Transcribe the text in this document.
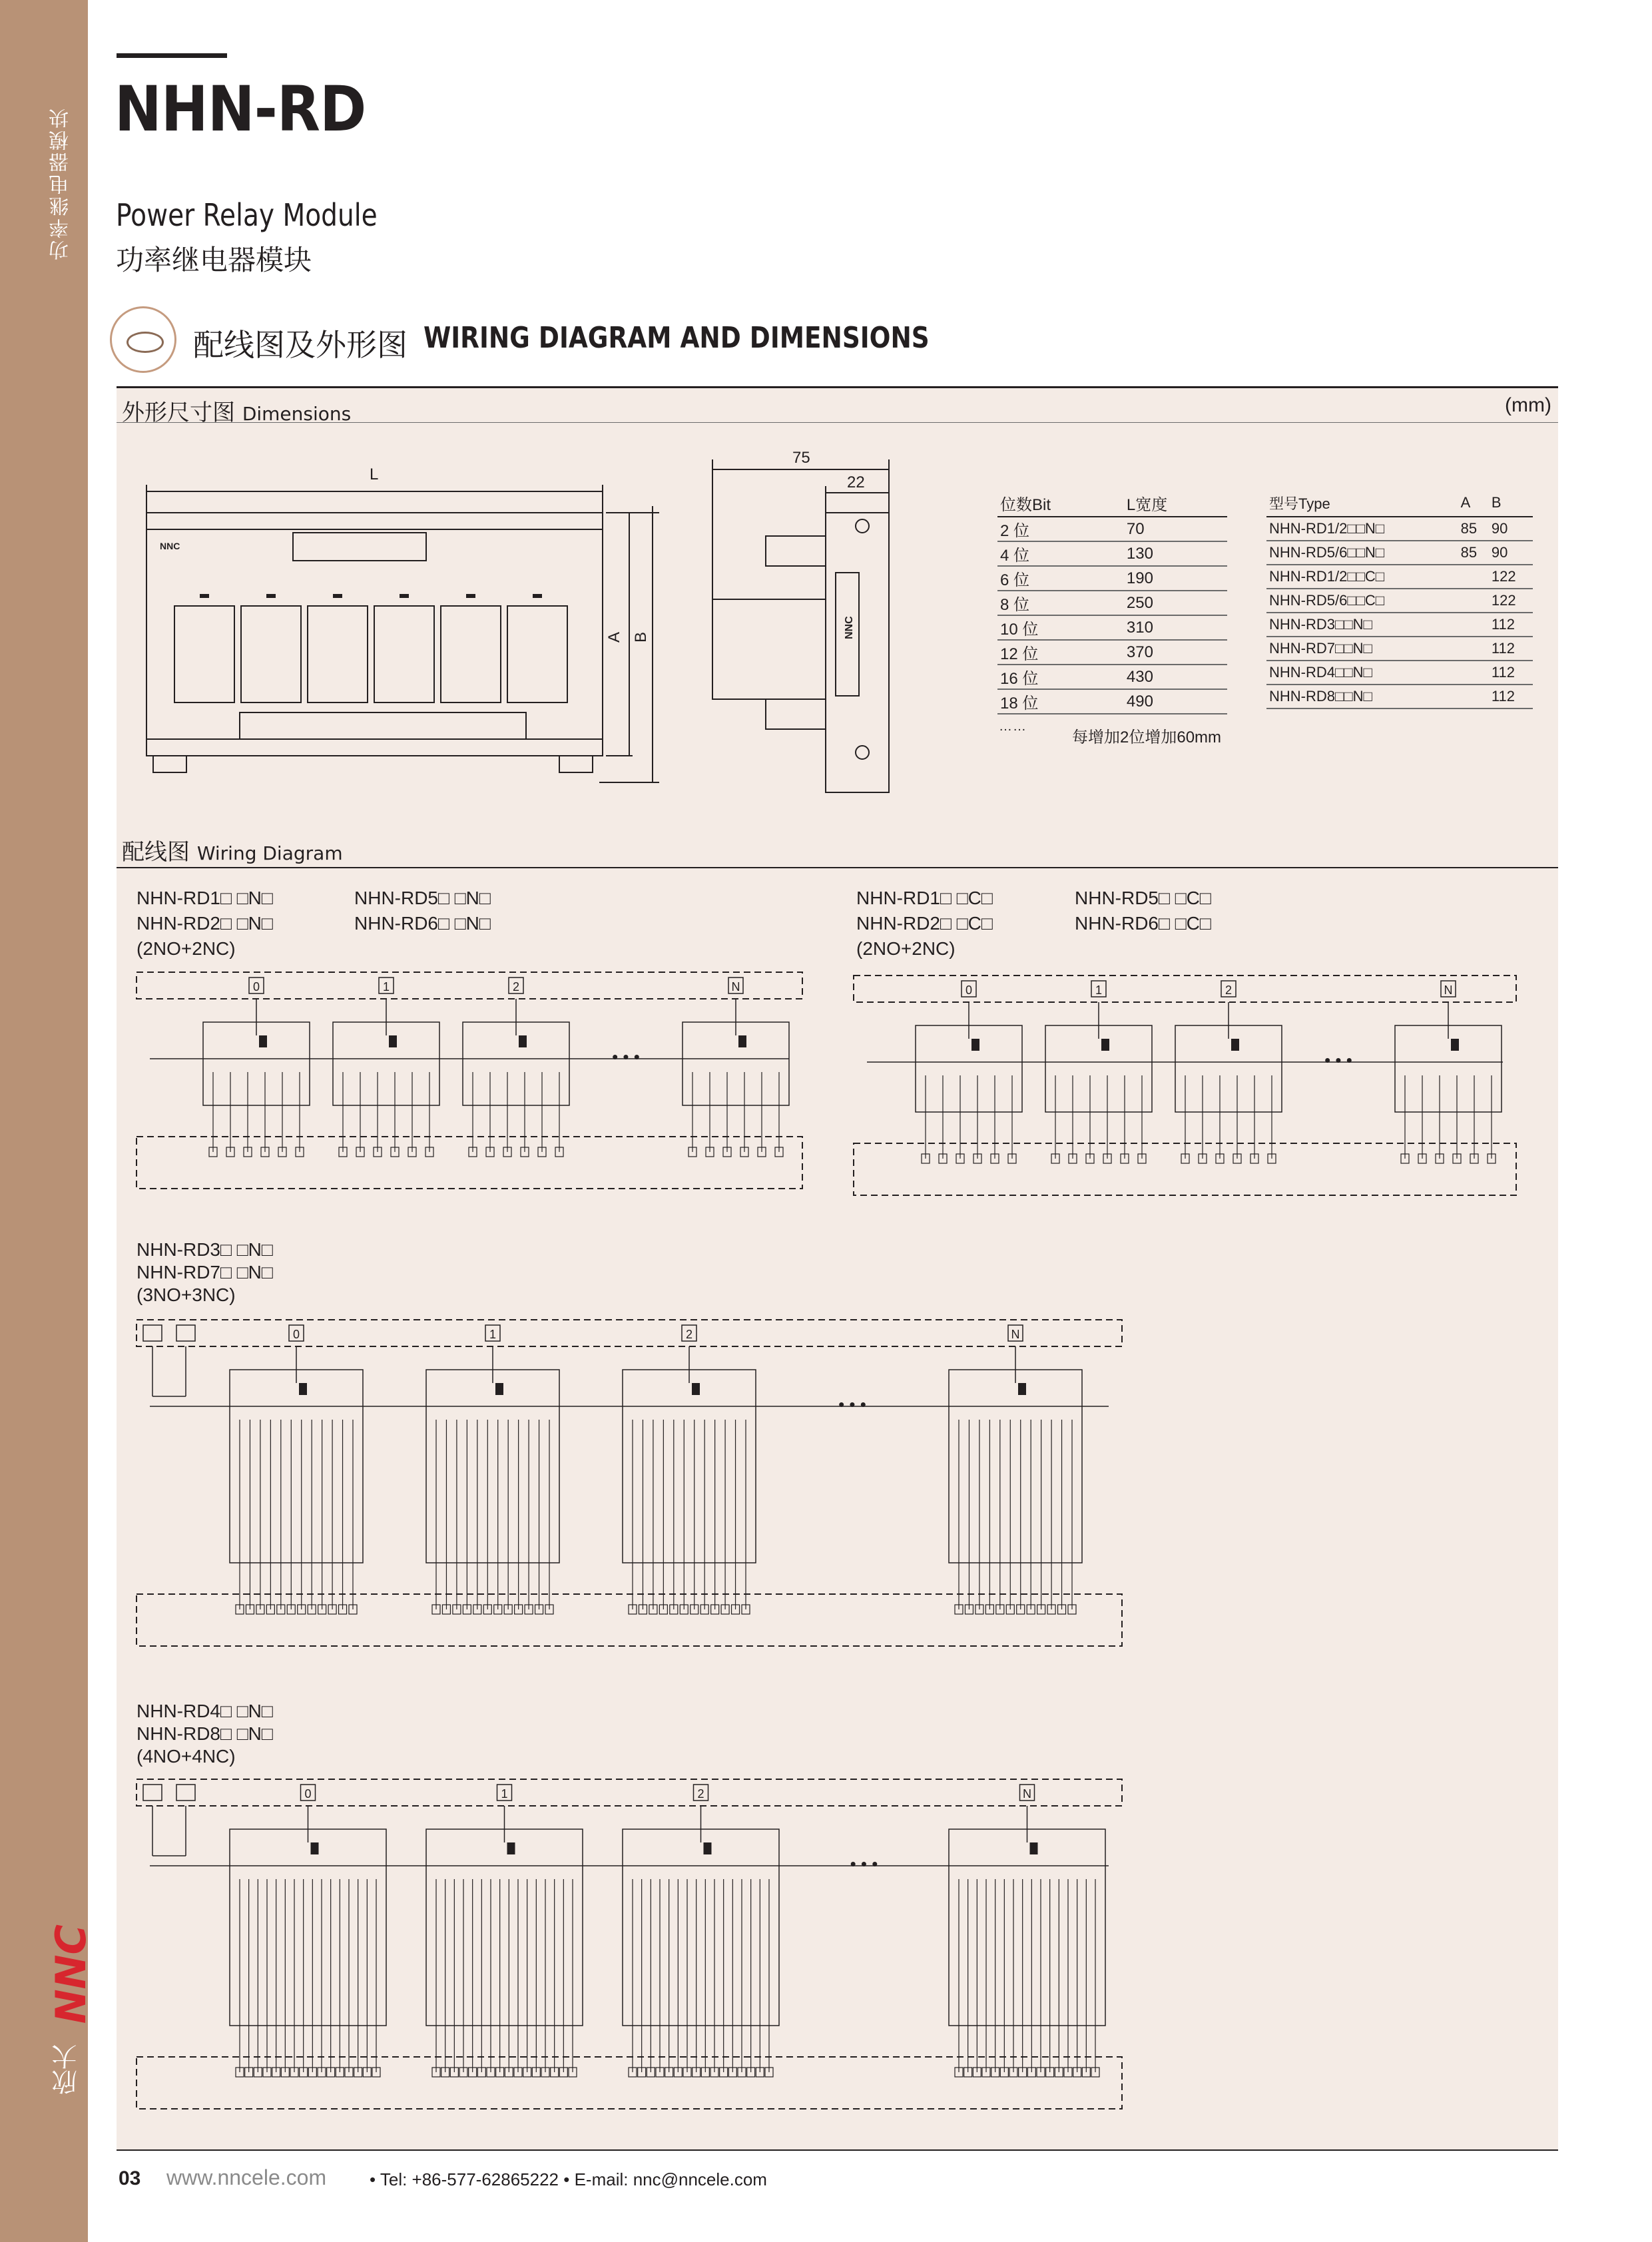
功率继电器模块
欣大
NNC
NHN-RD
Power Relay Module
功率继电器模块
配线图及外形图 WIRING DIAGRAM AND DIMENSIONS
外形尺寸图 Dimensions	(mm)
L
NNC
A B
75
22
NNC
位数Bit	L宽度
2 位	70
4 位	130
6 位	190
8 位	250
10 位	310
12 位	370
16 位	430
18 位	490
……
每增加2位增加60mm
型号Type	A	B
NHN-RD1/2□□N□	85	90
NHN-RD5/6□□N□	85	90
NHN-RD1/2□□C□		122
NHN-RD5/6□□C□		122
NHN-RD3□□N□		112
NHN-RD7□□N□		112
NHN-RD4□□N□		112
NHN-RD8□□N□		112
配线图 Wiring Diagram
NHN-RD1□ □N□
NHN-RD2□ □N□
(2NO+2NC)
NHN-RD5□ □N□
NHN-RD6□ □N□
NHN-RD1□ □C□
NHN-RD2□ □C□
(2NO+2NC)
NHN-RD5□ □C□
NHN-RD6□ □C□
NHN-RD3□ □N□
NHN-RD7□ □N□
(3NO+3NC)
NHN-RD4□ □N□
NHN-RD8□ □N□
(4NO+4NC)
0	1	2	N
• • •
0	1	2	N
• • •
0	1	2	N
• • •
0	1	2	N
• • •
03 www.nncele.com • Tel: +86-577-62865222 • E-mail: nnc@nncele.com
